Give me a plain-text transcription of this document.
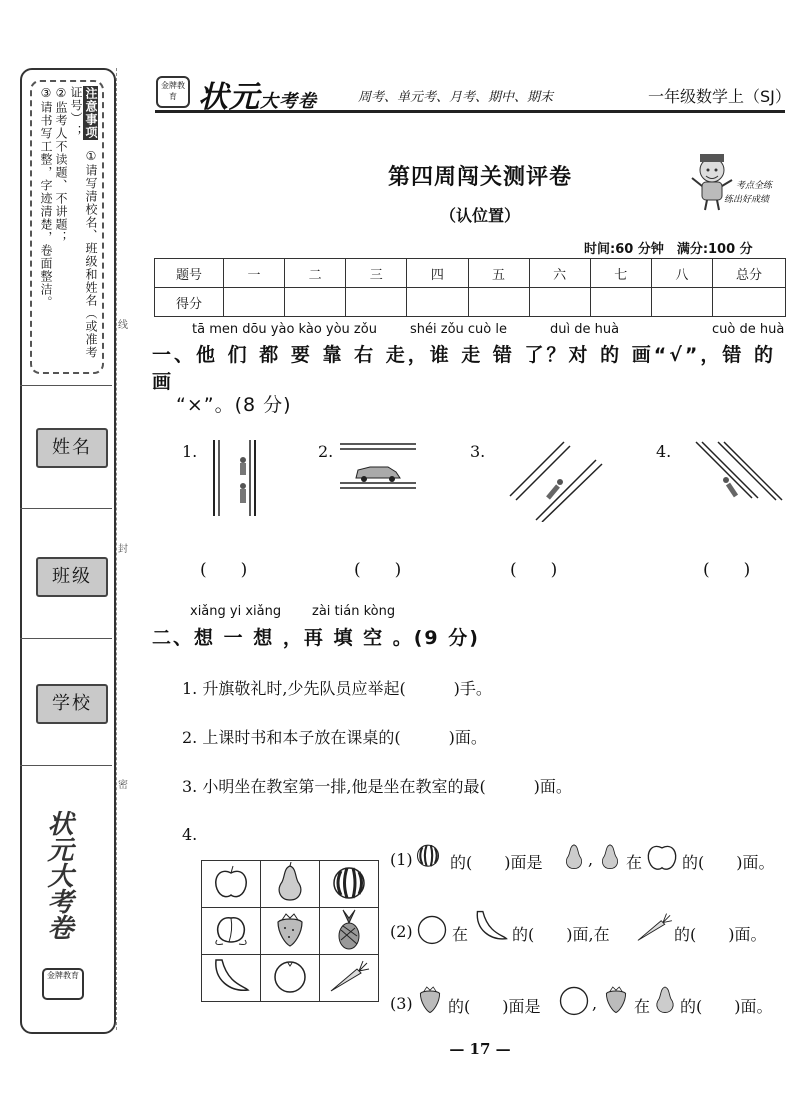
注意事项 ①请写清校名、班级和姓名（或准考证号）；
②监考人不读题、不讲题；
③请书写工整，字迹清楚，卷面整洁。
姓名
班级
学校
状元大考卷
金牌教育
线
封
密
金牌教育 状元大考卷	周考、单元考、月考、期中、期末	一年级数学上（SJ）
第四周闯关测评卷
（认位置）
考点全练
练出好成绩
时间:60 分钟　满分:100 分
题号	一	二	三	四	五	六	七	八	总分
得分									
tā men dōu yào kào yòu zǒu	shéi zǒu cuò le	duì de huà	cuò de huà
一、他 们 都 要 靠 右 走，谁 走 错 了？对 的 画“√”，错 的 画
“×”。(8 分)
1.	2.	3.	4.
(　　)	(　　)	(　　)	(　　)
xiǎng yi xiǎng zài tián kòng
二、想 一 想 ，再 填 空 。(9 分)
1. 升旗敬礼时,少先队员应举起(　　　)手。
2. 上课时书和本子放在课桌的(　　　)面。
3. 小明坐在教室第一排,他是坐在教室的最(　　　)面。
4.

(1) 的(　　)面是	, 在 的(　　)面。
(2) 在	的(　　)面,在	的(　　)面。
(3) 的(　　)面是	, 在 的(　　)面。
— 17 —
